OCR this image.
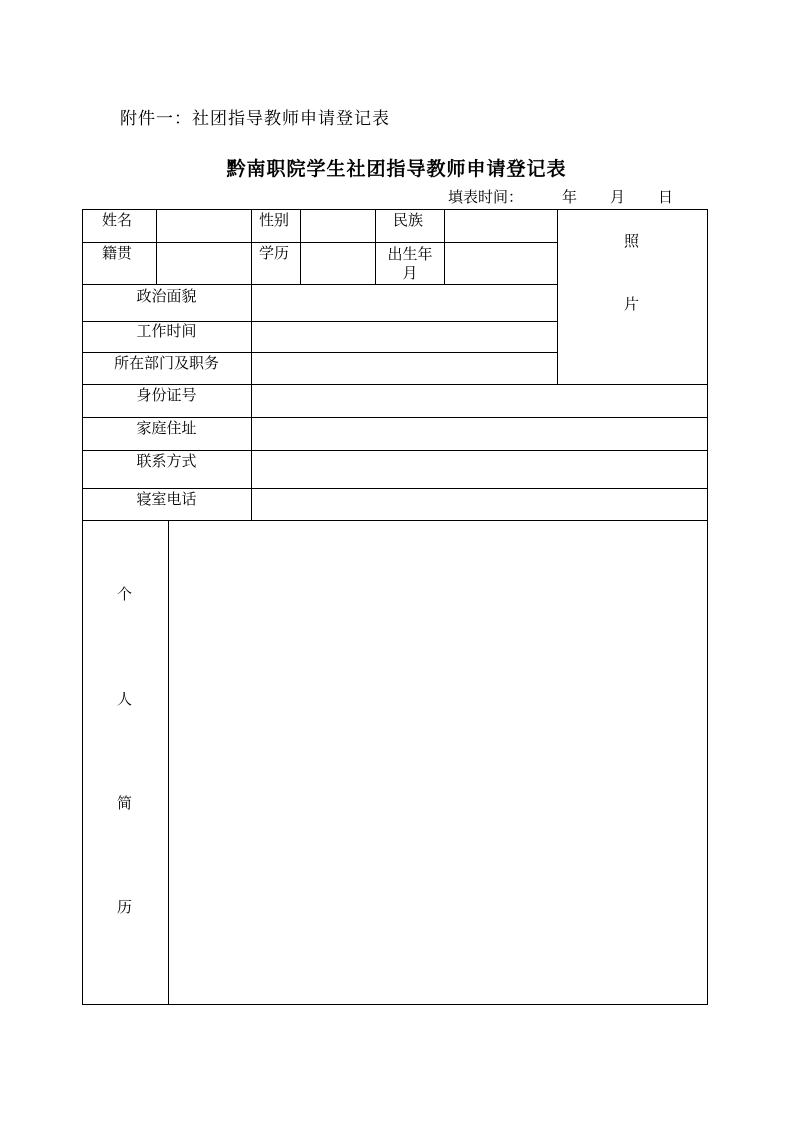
附件一：社团指导教师申请登记表
黔南职院学生社团指导教师申请登记表
填表时间：	年 月 日
姓名	性别	民族
籍贯	学历	出生年
月
照
片
政治面貌
工作时间
所在部门及职务
身份证号
家庭住址
联系方式
寝室电话
个
人
简
历
